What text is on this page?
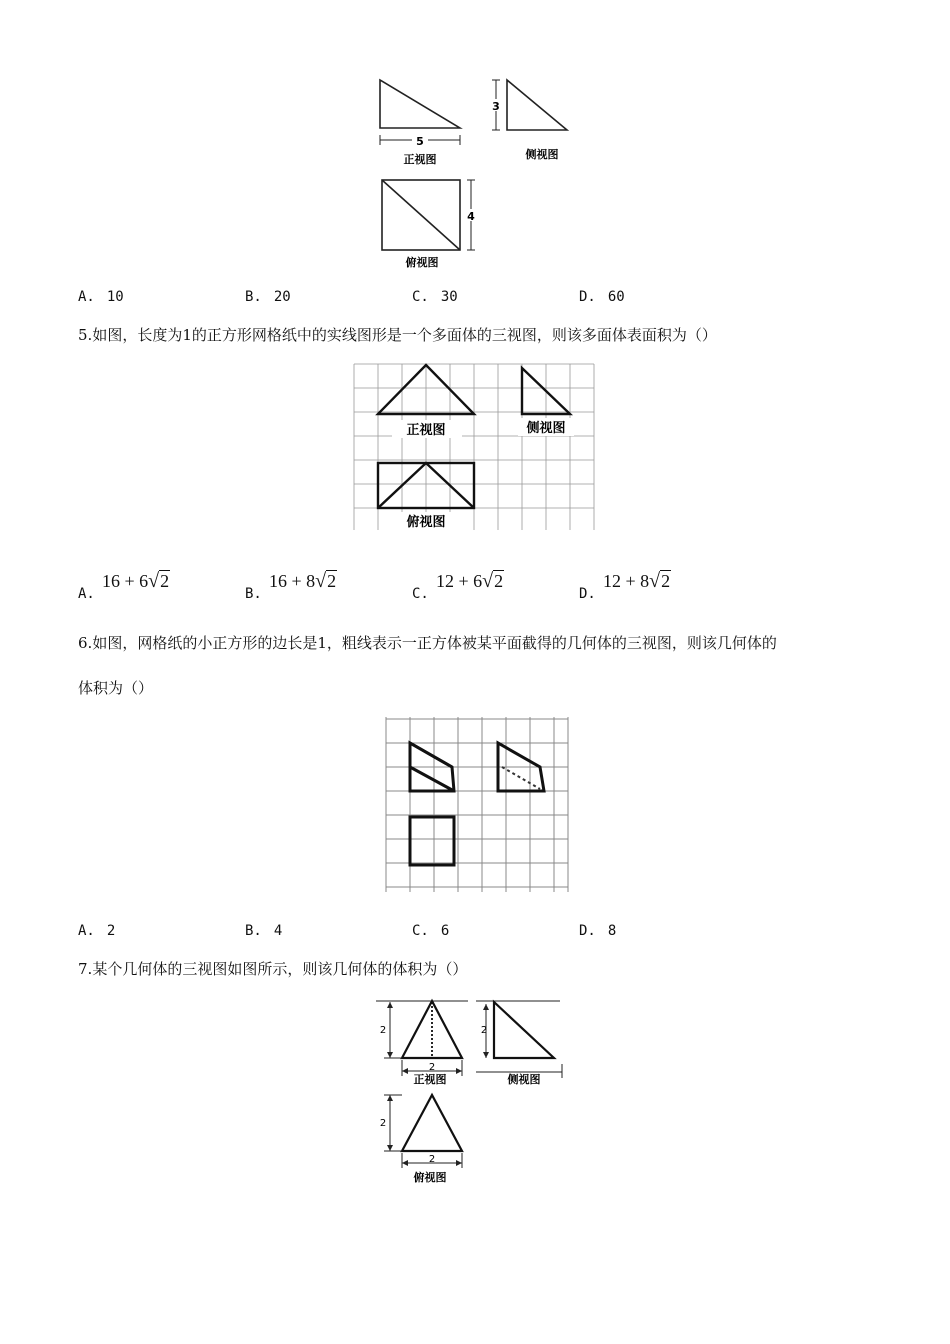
5
正视图
3
侧视图
4
俯视图
A. 10	B. 20	C. 30	D. 60
5.如图，长度为1的正方形网格纸中的实线图形是一个多面体的三视图，则该多面体表面积为（）
正视图	侧视图
俯视图
A.
16 + 6√2
B.
16 + 8√2
C.
12 + 6√2
D.
12 + 8√2
6.如图，网格纸的小正方形的边长是1，粗线表示一正方体被某平面截得的几何体的三视图，则该几何体的
体积为（）
A. 2	B. 4	C. 6	D. 8
7.某个几何体的三视图如图所示，则该几何体的体积为（）
2
2
正视图
2
侧视图
2
2
俯视图
